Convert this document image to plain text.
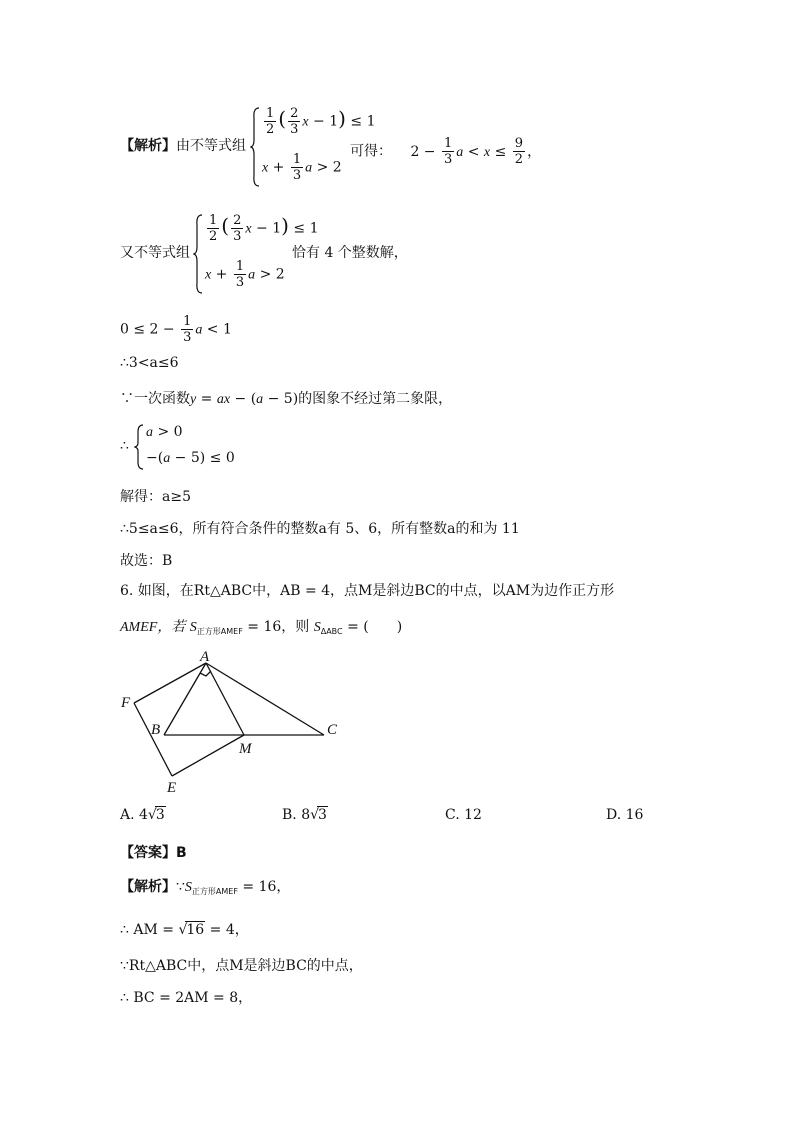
【解析】由不等式组
$\frac{1}{2}$ ( $\frac{2}{3}$ x − 1) ≤ 1
$x + \frac{1}{3}$ a > 2
可得： $2 - \frac{1}{3}$ $a < x \le \frac{9}{2}$ ，
又不等式组
$\frac{1}{2}$ ( $\frac{2}{3}$ x − 1) ≤ 1
$x + \frac{1}{3}$ a > 2
恰有 4 个整数解，
$0 \le 2 - \frac{1}{3}$ a < 1
∴3<a≤6
∵一次函数y = ax − (a − 5)的图象不经过第二象限，
∴
a > 0
−(a − 5) ≤ 0
解得：a≥5
∴5≤a≤6，所有符合条件的整数a有 5、6，所有整数a的和为 11
故选：B
6. 如图，在Rt△ABC中，AB = 4，点M是斜边BC的中点，以AM为边作正方形
AMEF，若 $S_{正方形AMEF} = 16$，则 $S_{\Delta ABC}$ = (　　)
A
F
B
M
C
E
A. 4√3	B. 8√3	C. 12	D. 16
【答案】B
【解析】$\because S_{正方形AMEF} = 16$，
∴ AM = √16 = 4，
∵Rt△ABC中，点M是斜边BC的中点，
∴ BC = 2AM = 8，
